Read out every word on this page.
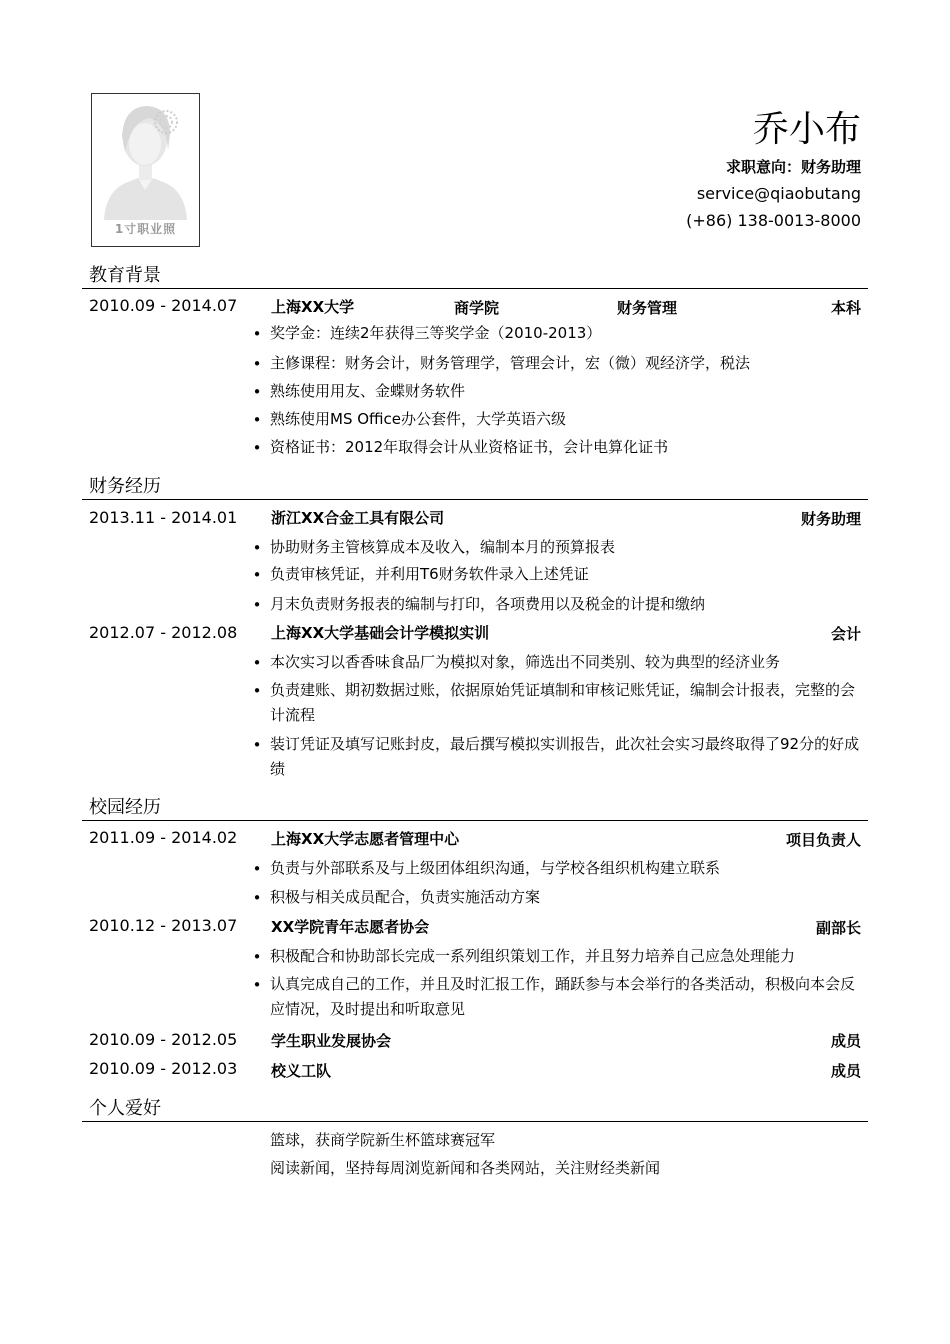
1寸职业照
乔小布
求职意向：财务助理
service@qiaobutang
(+86) 138-0013-8000
教育背景
2010.09 - 2014.07 上海XX大学	商学院	财务管理	本科
• 奖学金：连续2年获得三等奖学金（2010-2013）
• 主修课程：财务会计，财务管理学，管理会计，宏（微）观经济学，税法
• 熟练使用用友、金蝶财务软件
• 熟练使用MS Office办公套件，大学英语六级
• 资格证书：2012年取得会计从业资格证书，会计电算化证书
财务经历
2013.11 - 2014.01 浙江XX合金工具有限公司	财务助理
• 协助财务主管核算成本及收入，编制本月的预算报表
• 负责审核凭证，并利用T6财务软件录入上述凭证
• 月末负责财务报表的编制与打印，各项费用以及税金的计提和缴纳
2012.07 - 2012.08 上海XX大学基础会计学模拟实训	会计
• 本次实习以香香味食品厂为模拟对象，筛选出不同类别、较为典型的经济业务
• 负责建账、期初数据过账，依据原始凭证填制和审核记账凭证，编制会计报表，完整的会计流程
• 装订凭证及填写记账封皮，最后撰写模拟实训报告，此次社会实习最终取得了92分的好成绩
校园经历
2011.09 - 2014.02 上海XX大学志愿者管理中心	项目负责人
• 负责与外部联系及与上级团体组织沟通，与学校各组织机构建立联系
• 积极与相关成员配合，负责实施活动方案
2010.12 - 2013.07 XX学院青年志愿者协会	副部长
• 积极配合和协助部长完成一系列组织策划工作，并且努力培养自己应急处理能力
• 认真完成自己的工作，并且及时汇报工作，踊跃参与本会举行的各类活动，积极向本会反应情况，及时提出和听取意见
2010.09 - 2012.05 学生职业发展协会	成员
2010.09 - 2012.03 校义工队	成员
个人爱好
篮球，获商学院新生杯篮球赛冠军
阅读新闻，坚持每周浏览新闻和各类网站，关注财经类新闻
